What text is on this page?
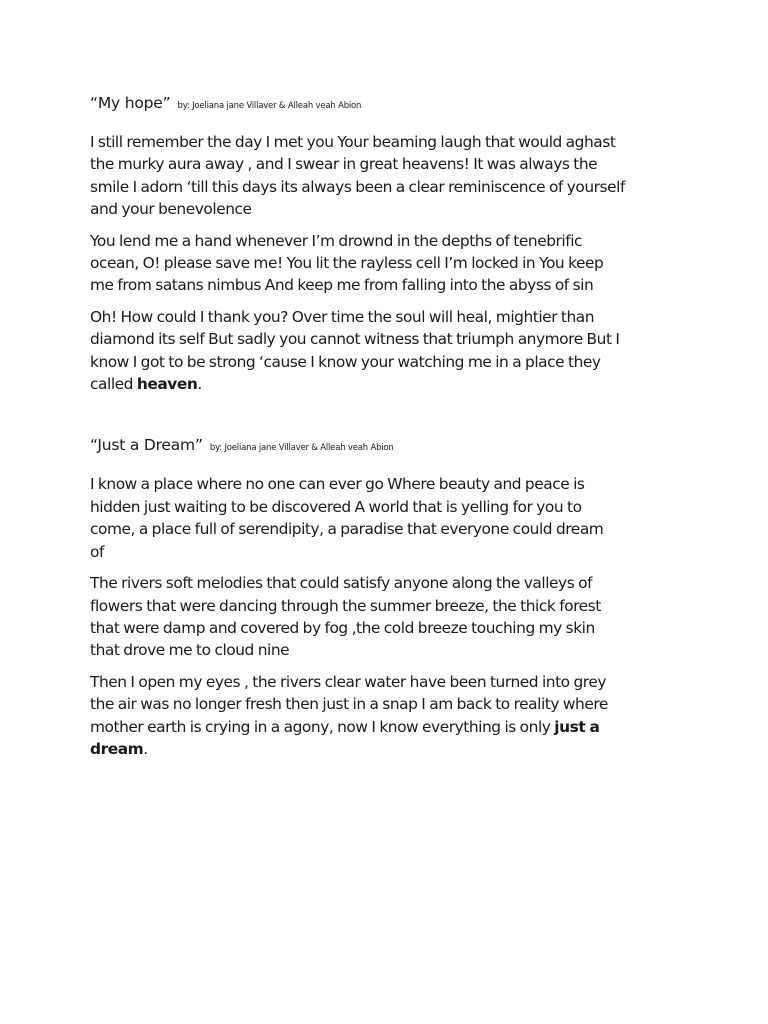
“My hope” by: Joeliana jane Villaver & Alleah veah Abion

I still remember the day I met you Your beaming laugh that would aghast
the murky aura away , and I swear in great heavens! It was always the
smile I adorn ‘till this days its always been a clear reminiscence of yourself
and your benevolence

You lend me a hand whenever I’m drownd in the depths of tenebrific
ocean, O! please save me! You lit the rayless cell I’m locked in You keep
me from satans nimbus And keep me from falling into the abyss of sin

Oh! How could I thank you? Over time the soul will heal, mightier than
diamond its self But sadly you cannot witness that triumph anymore But I
know I got to be strong ‘cause I know your watching me in a place they
called heaven.

“Just a Dream” by: Joeliana jane Villaver & Alleah veah Abion

I know a place where no one can ever go Where beauty and peace is
hidden just waiting to be discovered A world that is yelling for you to
come, a place full of serendipity, a paradise that everyone could dream
of

The rivers soft melodies that could satisfy anyone along the valleys of
flowers that were dancing through the summer breeze, the thick forest
that were damp and covered by fog ,the cold breeze touching my skin
that drove me to cloud nine

Then I open my eyes , the rivers clear water have been turned into grey
the air was no longer fresh then just in a snap I am back to reality where
mother earth is crying in a agony, now I know everything is only just a
dream.
